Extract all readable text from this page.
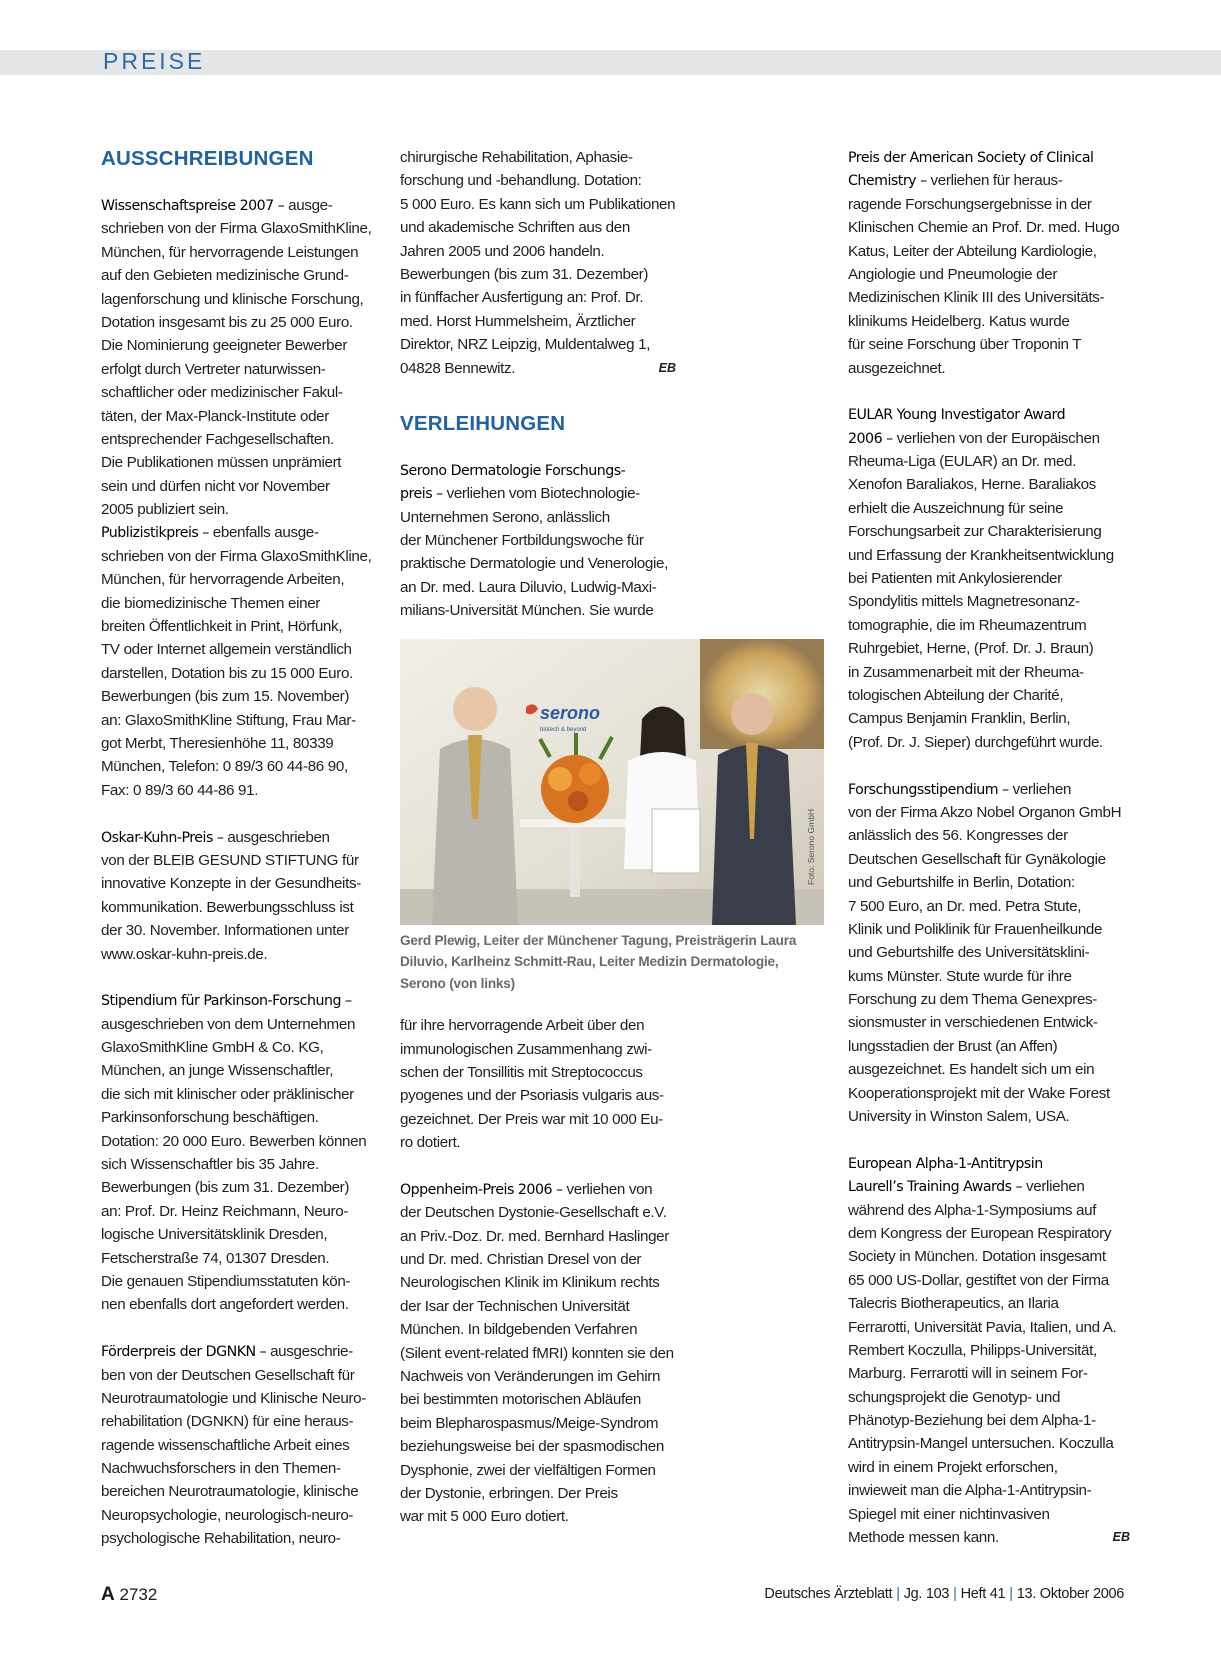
PREISE
AUSSCHREIBUNGEN
Wissenschaftspreise 2007 – ausge-
schrieben von der Firma GlaxoSmithKline,
München, für hervorragende Leistungen
auf den Gebieten medizinische Grund-
lagenforschung und klinische Forschung,
Dotation insgesamt bis zu 25 000 Euro.
Die Nominierung geeigneter Bewerber
erfolgt durch Vertreter naturwissen-
schaftlicher oder medizinischer Fakul-
täten, der Max-Planck-Institute oder
entsprechender Fachgesellschaften.
Die Publikationen müssen unprämiert
sein und dürfen nicht vor November
2005 publiziert sein.
Publizistikpreis – ebenfalls ausge-
schrieben von der Firma GlaxoSmithKline,
München, für hervorragende Arbeiten,
die biomedizinische Themen einer
breiten Öffentlichkeit in Print, Hörfunk,
TV oder Internet allgemein verständlich
darstellen, Dotation bis zu 15 000 Euro.
Bewerbungen (bis zum 15. November)
an: GlaxoSmithKline Stiftung, Frau Mar-
got Merbt, Theresienhöhe 11, 80339
München, Telefon: 0 89/3 60 44-86 90,
Fax: 0 89/3 60 44-86 91.
Oskar-Kuhn-Preis – ausgeschrieben
von der BLEIB GESUND STIFTUNG für
innovative Konzepte in der Gesundheits-
kommunikation. Bewerbungsschluss ist
der 30. November. Informationen unter
www.oskar-kuhn-preis.de.
Stipendium für Parkinson-Forschung –
ausgeschrieben von dem Unternehmen
GlaxoSmithKline GmbH & Co. KG,
München, an junge Wissenschaftler,
die sich mit klinischer oder präklinischer
Parkinsonforschung beschäftigen.
Dotation: 20 000 Euro. Bewerben können
sich Wissenschaftler bis 35 Jahre.
Bewerbungen (bis zum 31. Dezember)
an: Prof. Dr. Heinz Reichmann, Neuro-
logische Universitätsklinik Dresden,
Fetscherstraße 74, 01307 Dresden.
Die genauen Stipendiumsstatuten kön-
nen ebenfalls dort angefordert werden.
Förderpreis der DGNKN – ausgeschrie-
ben von der Deutschen Gesellschaft für
Neurotraumatologie und Klinische Neuro-
rehabilitation (DGNKN) für eine heraus-
ragende wissenschaftliche Arbeit eines
Nachwuchsforschers in den Themen-
bereichen Neurotraumatologie, klinische
Neuropsychologie, neurologisch-neuro-
psychologische Rehabilitation, neuro-
chirurgische Rehabilitation, Aphasie-
forschung und -behandlung. Dotation:
5 000 Euro. Es kann sich um Publikationen
und akademische Schriften aus den
Jahren 2005 und 2006 handeln.
Bewerbungen (bis zum 31. Dezember)
in fünffacher Ausfertigung an: Prof. Dr.
med. Horst Hummelsheim, Ärztlicher
Direktor, NRZ Leipzig, Muldentalweg 1,
04828 Bennewitz.	EB
VERLEIHUNGEN
Serono Dermatologie Forschungs-
preis – verliehen vom Biotechnologie-
Unternehmen Serono, anlässlich
der Münchener Fortbildungswoche für
praktische Dermatologie und Venerologie,
an Dr. med. Laura Diluvio, Ludwig-Maxi-
milians-Universität München. Sie wurde
serono
biotech & beyond
Gerd Plewig, Leiter der Münchener Tagung, Preisträgerin Laura
Diluvio, Karlheinz Schmitt-Rau, Leiter Medizin Dermatologie,
Serono (von links)
für ihre hervorragende Arbeit über den
immunologischen Zusammenhang zwi-
schen der Tonsillitis mit Streptococcus
pyogenes und der Psoriasis vulgaris aus-
gezeichnet. Der Preis war mit 10 000 Eu-
ro dotiert.
Oppenheim-Preis 2006 – verliehen von
der Deutschen Dystonie-Gesellschaft e.V.
an Priv.-Doz. Dr. med. Bernhard Haslinger
und Dr. med. Christian Dresel von der
Neurologischen Klinik im Klinikum rechts
der Isar der Technischen Universität
München. In bildgebenden Verfahren
(Silent event-related fMRI) konnten sie den
Nachweis von Veränderungen im Gehirn
bei bestimmten motorischen Abläufen
beim Blepharospasmus/Meige-Syndrom
beziehungsweise bei der spasmodischen
Dysphonie, zwei der vielfältigen Formen
der Dystonie, erbringen. Der Preis
war mit 5 000 Euro dotiert.
Foto: Serono GmbH
Preis der American Society of Clinical
Chemistry – verliehen für heraus-
ragende Forschungsergebnisse in der
Klinischen Chemie an Prof. Dr. med. Hugo
Katus, Leiter der Abteilung Kardiologie,
Angiologie und Pneumologie der
Medizinischen Klinik III des Universitäts-
klinikums Heidelberg. Katus wurde
für seine Forschung über Troponin T
ausgezeichnet.
EULAR Young Investigator Award
2006 – verliehen von der Europäischen
Rheuma-Liga (EULAR) an Dr. med.
Xenofon Baraliakos, Herne. Baraliakos
erhielt die Auszeichnung für seine
Forschungsarbeit zur Charakterisierung
und Erfassung der Krankheitsentwicklung
bei Patienten mit Ankylosierender
Spondylitis mittels Magnetresonanz-
tomographie, die im Rheumazentrum
Ruhrgebiet, Herne, (Prof. Dr. J. Braun)
in Zusammenarbeit mit der Rheuma-
tologischen Abteilung der Charité,
Campus Benjamin Franklin, Berlin,
(Prof. Dr. J. Sieper) durchgeführt wurde.
Forschungsstipendium – verliehen
von der Firma Akzo Nobel Organon GmbH
anlässlich des 56. Kongresses der
Deutschen Gesellschaft für Gynäkologie
und Geburtshilfe in Berlin, Dotation:
7 500 Euro, an Dr. med. Petra Stute,
Klinik und Poliklinik für Frauenheilkunde
und Geburtshilfe des Universitätsklini-
kums Münster. Stute wurde für ihre
Forschung zu dem Thema Genexpres-
sionsmuster in verschiedenen Entwick-
lungsstadien der Brust (an Affen)
ausgezeichnet. Es handelt sich um ein
Kooperationsprojekt mit der Wake Forest
University in Winston Salem, USA.
European Alpha-1-Antitrypsin
Laurell’s Training Awards – verliehen
während des Alpha-1-Symposiums auf
dem Kongress der European Respiratory
Society in München. Dotation insgesamt
65 000 US-Dollar, gestiftet von der Firma
Talecris Biotherapeutics, an Ilaria
Ferrarotti, Universität Pavia, Italien, und A.
Rembert Koczulla, Philipps-Universität,
Marburg. Ferrarotti will in seinem For-
schungsprojekt die Genotyp- und
Phänotyp-Beziehung bei dem Alpha-1-
Antitrypsin-Mangel untersuchen. Koczulla
wird in einem Projekt erforschen,
inwieweit man die Alpha-1-Antitrypsin-
Spiegel mit einer nichtinvasiven
Methode messen kann.	EB
A 2732	Deutsches Ärzteblatt | Jg. 103 | Heft 41 | 13. Oktober 2006
